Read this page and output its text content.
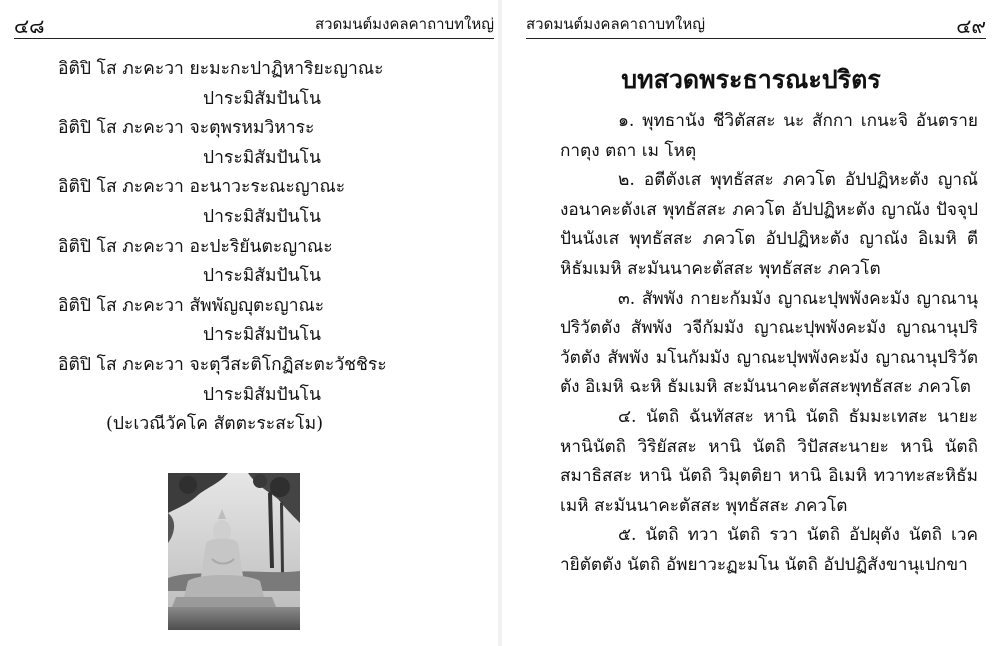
๔๘	สวดมนต์มงคลคาถาบทใหญ่
อิติปิ โส ภะคะวา ยะมะกะปาฏิหาริยะญาณะ
ปาระมิสัมปันโน
อิติปิ โส ภะคะวา จะตุพรหมวิหาระ
ปาระมิสัมปันโน
อิติปิ โส ภะคะวา อะนาวะระณะญาณะ
ปาระมิสัมปันโน
อิติปิ โส ภะคะวา อะปะริยันตะญาณะ
ปาระมิสัมปันโน
อิติปิ โส ภะคะวา สัพพัญญุตะญาณะ
ปาระมิสัมปันโน
อิติปิ โส ภะคะวา จะตุวีสะติโกฏิสะตะวัชชิระ
ปาระมิสัมปันโน
(ปะเวณีวัคโค สัตตะระสะโม)
สวดมนต์มงคลคาถาบทใหญ่	๔๙
บทสวดพระธารณะปริตร

๑. พุทธานัง ชีวิตัสสะ นะ สักกา เกนะจิ อันตรายกาตุง ตถา เม โหตุ

๒. อตีตังเส พุทธัสสะ ภควโต อัปปฏิหะตัง ญาณังอนาคะตังเส พุทธัสสะ ภควโต อัปปฏิหะตัง ญาณัง ปัจจุปปันนังเส พุทธัสสะ ภควโต อัปปฏิหะตัง ญาณัง อิเมหิ ตีหิธัมเมหิ สะมันนาคะตัสสะ พุทธัสสะ ภควโต

๓. สัพพัง กายะกัมมัง ญาณะปุพพังคะมัง ญาณานุปริวัตตัง สัพพัง วจีกัมมัง ญาณะปุพพังคะมัง ญาณานุปริวัตตัง สัพพัง มโนกัมมัง ญาณะปุพพังคะมัง ญาณานุปริวัตตัง อิเมหิ ฉะหิ ธัมเมหิ สะมันนาคะตัสสะพุทธัสสะ ภควโต

๔. นัตถิ ฉันทัสสะ หานิ นัตถิ ธัมมะเทสะ นายะ หานินัตถิ วิริยัสสะ หานิ นัตถิ วิปัสสะนายะ หานิ นัตถิ สมาธิสสะ หานิ นัตถิ วิมุตติยา หานิ อิเมหิ ทวาทะสะหิธัมเมหิ สะมันนาคะตัสสะ พุทธัสสะ ภควโต

๕. นัตถิ ทวา นัตถิ รวา นัตถิ อัปผุตัง นัตถิ เวคายิตัตตัง นัตถิ อัพยาวะฏะมโน นัตถิ อัปปฏิสังขานุเปกขา
